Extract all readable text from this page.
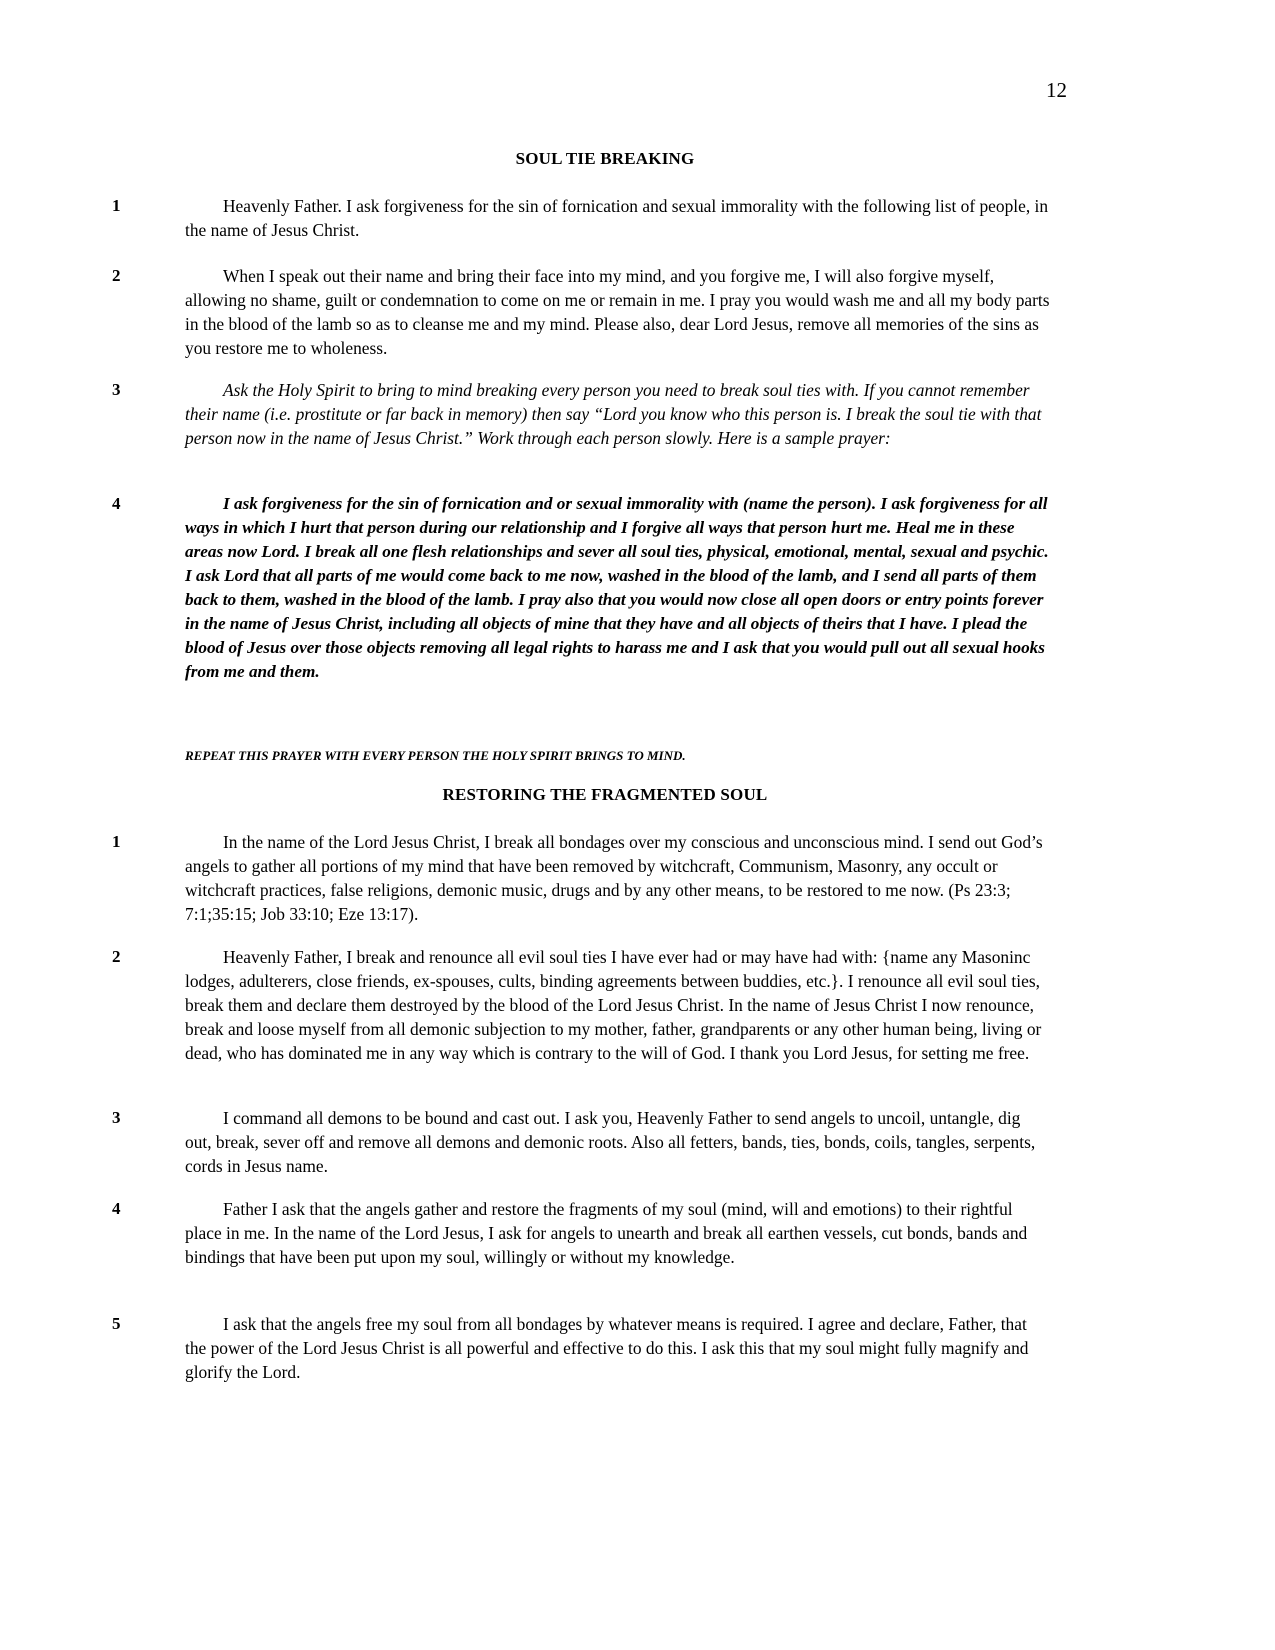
12
SOUL TIE BREAKING
1	Heavenly Father. I ask forgiveness for the sin of fornication and sexual immorality with the following list of people, in the name of Jesus Christ.
2	When I speak out their name and bring their face into my mind, and you forgive me, I will also forgive myself, allowing no shame, guilt or condemnation to come on me or remain in me. I pray you would wash me and all my body parts in the blood of the lamb so as to cleanse me and my mind. Please also, dear Lord Jesus, remove all memories of the sins as you restore me to wholeness.
3	Ask the Holy Spirit to bring to mind breaking every person you need to break soul ties with. If you cannot remember their name (i.e. prostitute or far back in memory) then say “Lord you know who this person is. I break the soul tie with that person now in the name of Jesus Christ.” Work through each person slowly. Here is a sample prayer:
4	I ask forgiveness for the sin of fornication and or sexual immorality with (name the person). I ask forgiveness for all ways in which I hurt that person during our relationship and I forgive all ways that person hurt me. Heal me in these areas now Lord. I break all one flesh relationships and sever all soul ties, physical, emotional, mental, sexual and psychic. I ask Lord that all parts of me would come back to me now, washed in the blood of the lamb, and I send all parts of them back to them, washed in the blood of the lamb. I pray also that you would now close all open doors or entry points forever in the name of Jesus Christ, including all objects of mine that they have and all objects of theirs that I have. I plead the blood of Jesus over those objects removing all legal rights to harass me and I ask that you would pull out all sexual hooks from me and them.
REPEAT THIS PRAYER WITH EVERY PERSON THE HOLY SPIRIT BRINGS TO MIND.
RESTORING THE FRAGMENTED SOUL
1	In the name of the Lord Jesus Christ, I break all bondages over my conscious and unconscious mind. I send out God’s angels to gather all portions of my mind that have been removed by witchcraft, Communism, Masonry, any occult or witchcraft practices, false religions, demonic music, drugs and by any other means, to be restored to me now. (Ps 23:3; 7:1;35:15; Job 33:10; Eze 13:17).
2	Heavenly Father, I break and renounce all evil soul ties I have ever had or may have had with: {name any Masoninc lodges, adulterers, close friends, ex-spouses, cults, binding agreements between buddies, etc.}. I renounce all evil soul ties, break them and declare them destroyed by the blood of the Lord Jesus Christ. In the name of Jesus Christ I now renounce, break and loose myself from all demonic subjection to my mother, father, grandparents or any other human being, living or dead, who has dominated me in any way which is contrary to the will of God. I thank you Lord Jesus, for setting me free.
3	I command all demons to be bound and cast out. I ask you, Heavenly Father to send angels to uncoil, untangle, dig out, break, sever off and remove all demons and demonic roots. Also all fetters, bands, ties, bonds, coils, tangles, serpents, cords in Jesus name.
4	Father I ask that the angels gather and restore the fragments of my soul (mind, will and emotions) to their rightful place in me. In the name of the Lord Jesus, I ask for angels to unearth and break all earthen vessels, cut bonds, bands and bindings that have been put upon my soul, willingly or without my knowledge.
5	I ask that the angels free my soul from all bondages by whatever means is required. I agree and declare, Father, that the power of the Lord Jesus Christ is all powerful and effective to do this. I ask this that my soul might fully magnify and glorify the Lord.
